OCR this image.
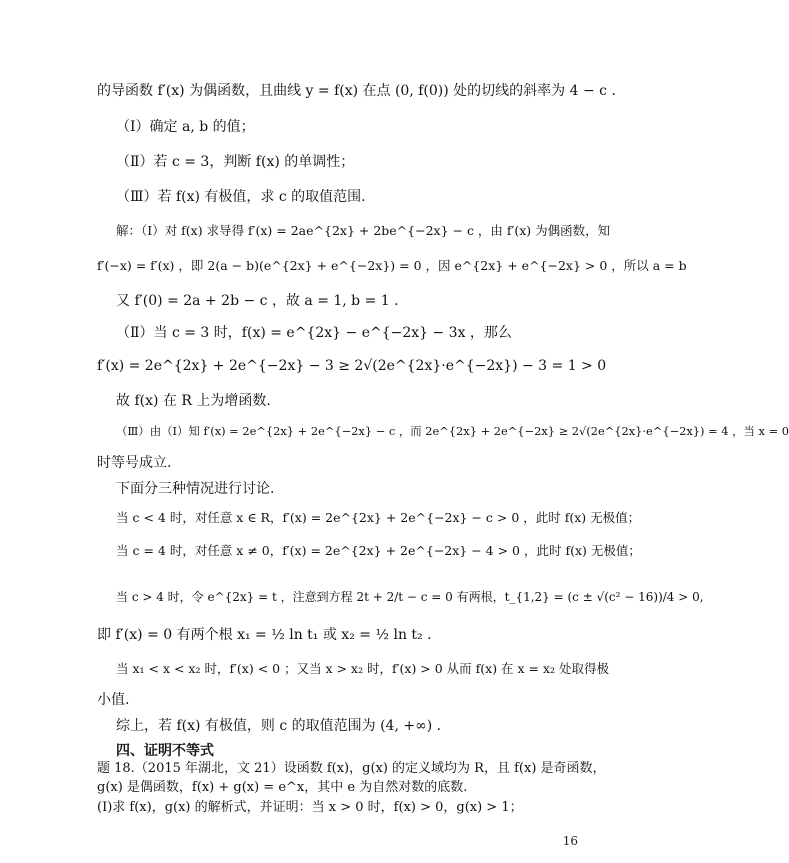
的导函数 f′(x) 为偶函数，且曲线 y = f(x) 在点 (0, f(0)) 处的切线的斜率为 4 − c .
（Ⅰ）确定 a, b 的值；
（Ⅱ）若 c = 3，判断 f(x) 的单调性；
（Ⅲ）若 f(x) 有极值，求 c 的取值范围.
解：（Ⅰ）对 f(x) 求导得 f′(x) = 2ae^{2x} + 2be^{−2x} − c ，由 f′(x) 为偶函数，知
f′(−x) = f′(x) ，即 2(a − b)(e^{2x} + e^{−2x}) = 0 ，因 e^{2x} + e^{−2x} > 0 ，所以 a = b
又 f′(0) = 2a + 2b − c ，故 a = 1, b = 1 .
（Ⅱ）当 c = 3 时，f(x) = e^{2x} − e^{−2x} − 3x ，那么
f′(x) = 2e^{2x} + 2e^{−2x} − 3 ≥ 2√(2e^{2x}·e^{−2x}) − 3 = 1 > 0
故 f(x) 在 R 上为增函数.
（Ⅲ）由（Ⅰ）知 f′(x) = 2e^{2x} + 2e^{−2x} − c ，而 2e^{2x} + 2e^{−2x} ≥ 2√(2e^{2x}·e^{−2x}) = 4 ，当 x = 0
时等号成立.
下面分三种情况进行讨论.
当 c < 4 时，对任意 x ∈ R，f′(x) = 2e^{2x} + 2e^{−2x} − c > 0 ，此时 f(x) 无极值；
当 c = 4 时，对任意 x ≠ 0，f′(x) = 2e^{2x} + 2e^{−2x} − 4 > 0 ，此时 f(x) 无极值；
当 c > 4 时，令 e^{2x} = t ，注意到方程 2t + 2/t − c = 0 有两根，t_{1,2} = (c ± √(c² − 16))/4 > 0,
即 f′(x) = 0 有两个根 x₁ = ½ ln t₁ 或 x₂ = ½ ln t₂ .
当 x₁ < x < x₂ 时，f′(x) < 0 ；又当 x > x₂ 时，f′(x) > 0 从而 f(x) 在 x = x₂ 处取得极
小值.
综上，若 f(x) 有极值，则 c 的取值范围为 (4, +∞) .
四、证明不等式
题 18.（2015 年湖北，文 21）设函数 f(x)，g(x) 的定义域均为 R，且 f(x) 是奇函数，
g(x) 是偶函数，f(x) + g(x) = e^x，其中 e 为自然对数的底数.
(Ⅰ)求 f(x)，g(x) 的解析式，并证明：当 x > 0 时，f(x) > 0，g(x) > 1；
16
